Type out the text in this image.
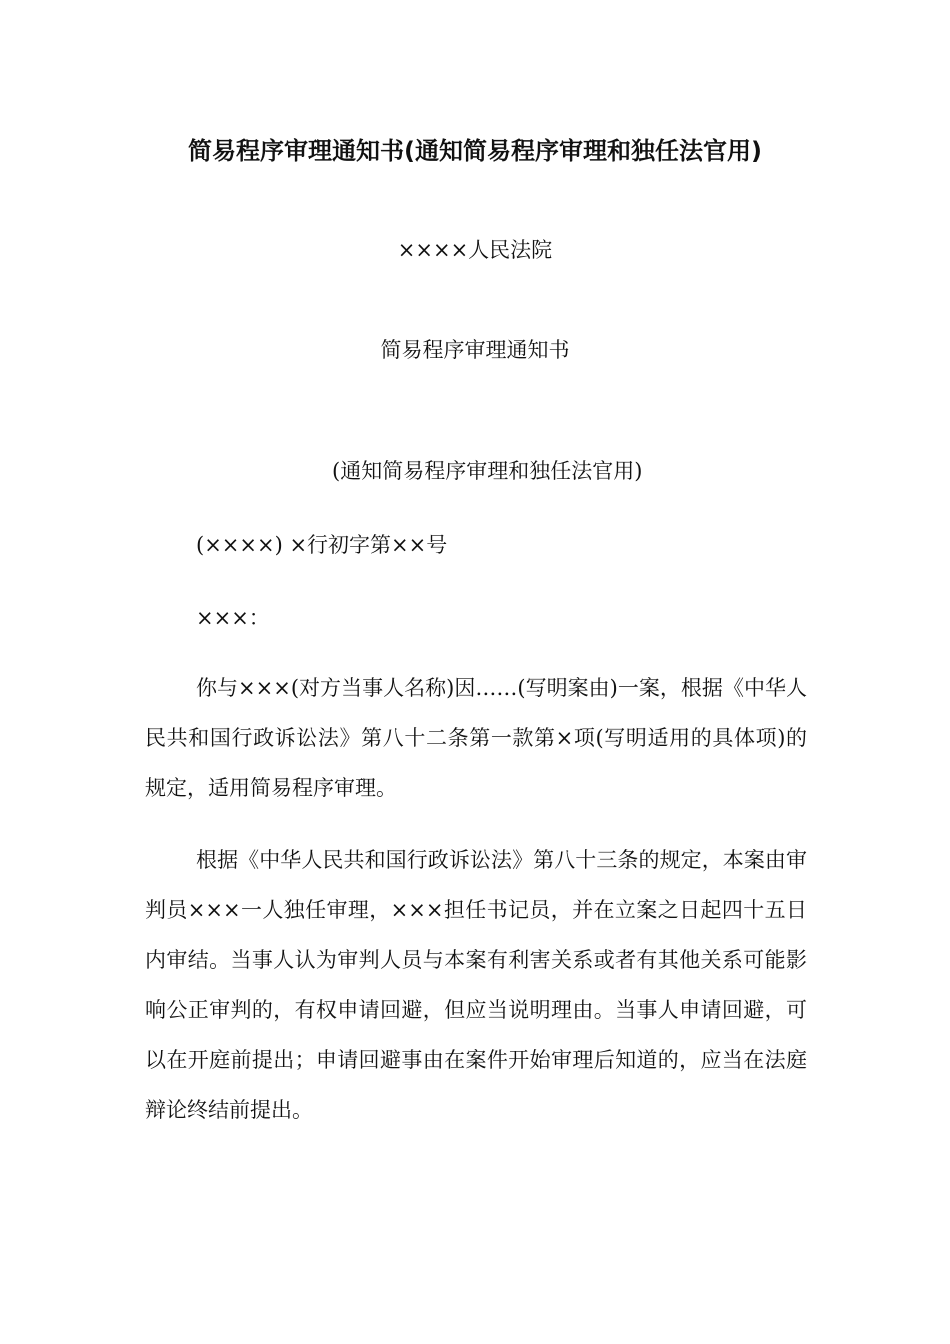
简易程序审理通知书(通知简易程序审理和独任法官用)
××××人民法院
简易程序审理通知书
(通知简易程序审理和独任法官用)
(××××) ×行初字第××号
×××：

你与×××(对方当事人名称)因……(写明案由)一案，根据《中华人民共和国行政诉讼法》第八十二条第一款第×项(写明适用的具体项)的规定，适用简易程序审理。

根据《中华人民共和国行政诉讼法》第八十三条的规定，本案由审判员×××一人独任审理，×××担任书记员，并在立案之日起四十五日内审结。当事人认为审判人员与本案有利害关系或者有其他关系可能影响公正审判的，有权申请回避，但应当说明理由。当事人申请回避，可以在开庭前提出；申请回避事由在案件开始审理后知道的，应当在法庭辩论终结前提出。
